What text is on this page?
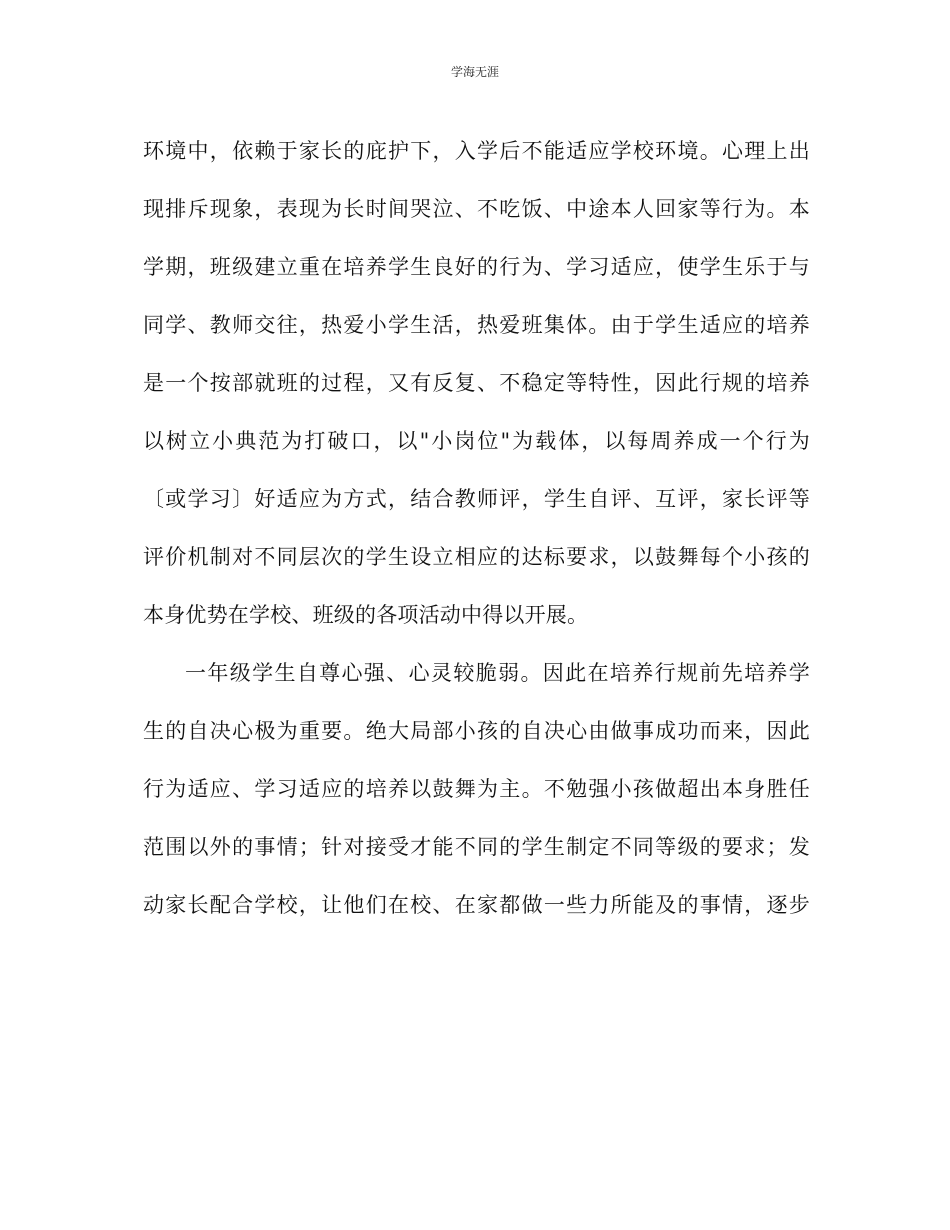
学海无涯
环境中，依赖于家长的庇护下，入学后不能适应学校环境。心理上出
现排斥现象，表现为长时间哭泣、不吃饭、中途本人回家等行为。本
学期，班级建立重在培养学生良好的行为、学习适应，使学生乐于与
同学、教师交往，热爱小学生活，热爱班集体。由于学生适应的培养
是一个按部就班的过程，又有反复、不稳定等特性，因此行规的培养
以树立小典范为打破口，以"小岗位"为载体，以每周养成一个行为
〔或学习〕好适应为方式，结合教师评，学生自评、互评，家长评等
评价机制对不同层次的学生设立相应的达标要求，以鼓舞每个小孩的
本身优势在学校、班级的各项活动中得以开展。
一年级学生自尊心强、心灵较脆弱。因此在培养行规前先培养学
生的自决心极为重要。绝大局部小孩的自决心由做事成功而来，因此
行为适应、学习适应的培养以鼓舞为主。不勉强小孩做超出本身胜任
范围以外的事情；针对接受才能不同的学生制定不同等级的要求；发
动家长配合学校，让他们在校、在家都做一些力所能及的事情，逐步
